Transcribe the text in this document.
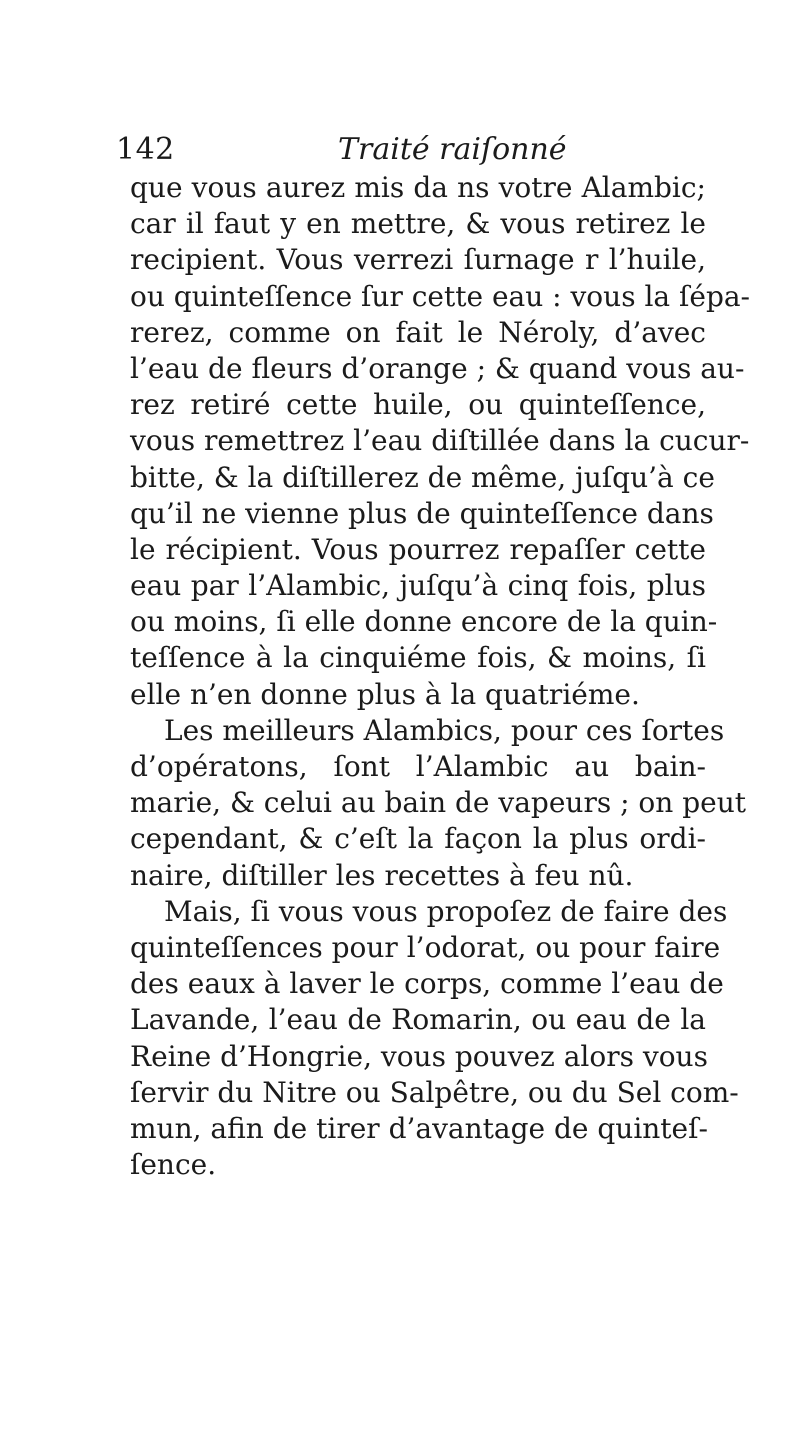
142	Traité raiſonné
que vous aurez mis da ns votre Alambic;
car il faut y en mettre, & vous retirez le
recipient. Vous verrezi ſurnage r l’huile,
ou quinteſſence ſur cette eau : vous la ſépa-
rerez, comme on fait le Néroly, d’avec
l’eau de fleurs d’orange ; & quand vous au-
rez retiré cette huile, ou quinteſſence,
vous remettrez l’eau diſtillée dans la cucur-
bitte, & la diſtillerez de même, juſqu’à ce
qu’il ne vienne plus de quinteſſence dans
le récipient. Vous pourrez repaſſer cette
eau par l’Alambic, juſqu’à cinq fois, plus
ou moins, ſi elle donne encore de la quin-
teſſence à la cinquiéme fois, & moins, ſi
elle n’en donne plus à la quatriéme.
Les meilleurs Alambics, pour ces ſortes
d’opératons, ſont l’Alambic au bain-
marie, & celui au bain de vapeurs ; on peut
cependant, & c’eſt la façon la plus ordi-
naire, diſtiller les recettes à feu nû.
Mais, ſi vous vous propoſez de faire des
quinteſſences pour l’odorat, ou pour faire
des eaux à laver le corps, comme l’eau de
Lavande, l’eau de Romarin, ou eau de la
Reine d’Hongrie, vous pouvez alors vous
ſervir du Nitre ou Salpêtre, ou du Sel com-
mun, afin de tirer d’avantage de quinteſ-
ſence.
